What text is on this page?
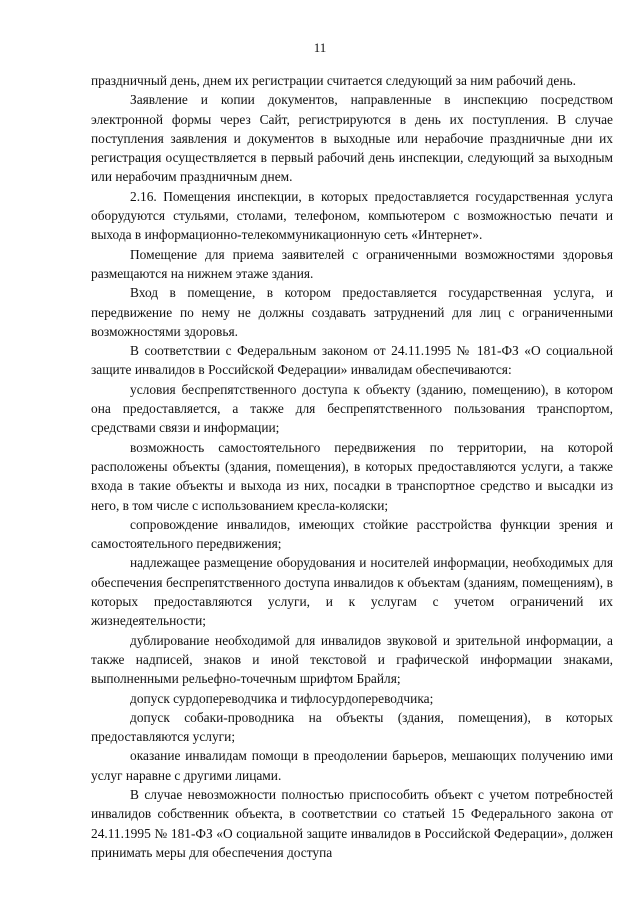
11

праздничный день, днем их регистрации считается следующий за ним рабочий день.

Заявление и копии документов, направленные в инспекцию посредством электронной формы через Сайт, регистрируются в день их поступления. В случае поступления заявления и документов в выходные или нерабочие праздничные дни их регистрация осуществляется в первый рабочий день инспекции, следующий за выходным или нерабочим праздничным днем.

2.16. Помещения инспекции, в которых предоставляется государственная услуга оборудуются стульями, столами, телефоном, компьютером с возможностью печати и выхода в информационно-телекоммуникационную сеть «Интернет».

Помещение для приема заявителей с ограниченными возможностями здоровья размещаются на нижнем этаже здания.

Вход в помещение, в котором предоставляется государственная услуга, и передвижение по нему не должны создавать затруднений для лиц с ограниченными возможностями здоровья.

В соответствии с Федеральным законом от 24.11.1995 № 181-ФЗ «О социальной защите инвалидов в Российской Федерации» инвалидам обеспечиваются:

условия беспрепятственного доступа к объекту (зданию, помещению), в котором она предоставляется, а также для беспрепятственного пользования транспортом, средствами связи и информации;

возможность самостоятельного передвижения по территории, на которой расположены объекты (здания, помещения), в которых предоставляются услуги, а также входа в такие объекты и выхода из них, посадки в транспортное средство и высадки из него, в том числе с использованием кресла-коляски;

сопровождение инвалидов, имеющих стойкие расстройства функции зрения и самостоятельного передвижения;

надлежащее размещение оборудования и носителей информации, необходимых для обеспечения беспрепятственного доступа инвалидов к объектам (зданиям, помещениям), в которых предоставляются услуги, и к услугам с учетом ограничений их жизнедеятельности;

дублирование необходимой для инвалидов звуковой и зрительной информации, а также надписей, знаков и иной текстовой и графической информации знаками, выполненными рельефно-точечным шрифтом Брайля;

допуск сурдопереводчика и тифлосурдопереводчика;

допуск собаки-проводника на объекты (здания, помещения), в которых предоставляются услуги;

оказание инвалидам помощи в преодолении барьеров, мешающих получению ими услуг наравне с другими лицами.

В случае невозможности полностью приспособить объект с учетом потребностей инвалидов собственник объекта, в соответствии со статьей 15 Федерального закона от 24.11.1995 № 181-ФЗ «О социальной защите инвалидов в Российской Федерации», должен принимать меры для обеспечения доступа
